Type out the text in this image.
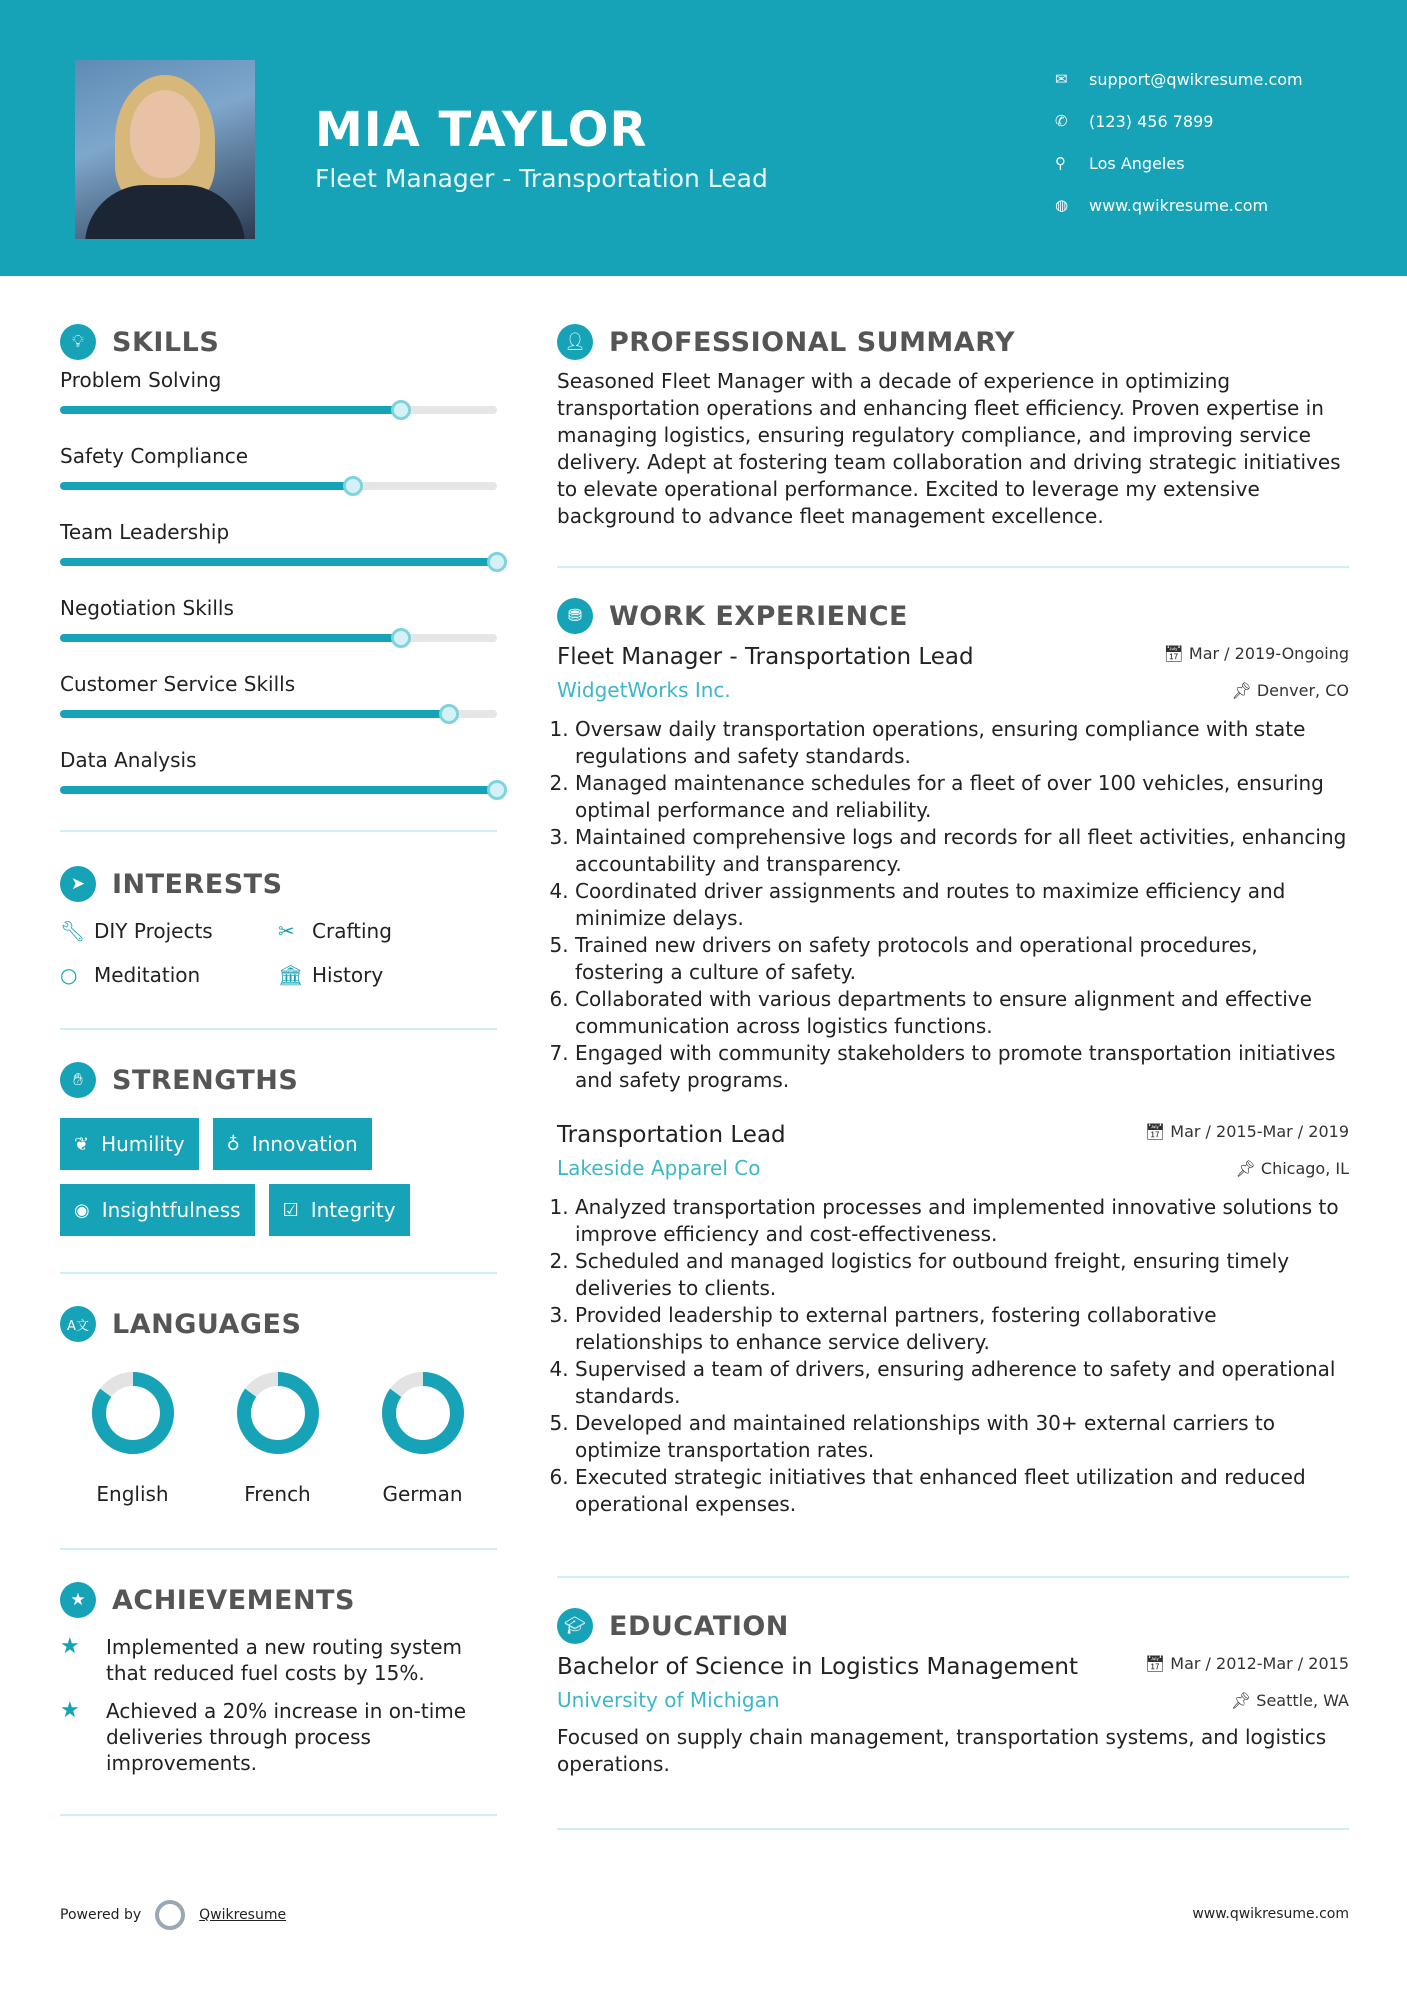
MIA TAYLOR
Fleet Manager - Transportation Lead
✉	support@qwikresume.com
✆	(123) 456 7899
⚲	Los Angeles
◍	www.qwikresume.com
💡︎	SKILLS
Problem Solving
Safety Compliance
Team Leadership
Negotiation Skills
Customer Service Skills
Data Analysis
➤ INTERESTS
🔧︎ DIY Projects	✂ Crafting
○ Meditation	🏛︎ History
✋︎	STRENGTHS
❦ Humility ♁ Innovation
◉ Insightfulness ☑ Integrity
A文 LANGUAGES
English	French	German
★ ACHIEVEMENTS
★	Implemented a new routing system that reduced fuel costs by 15%.
★	Achieved a 20% increase in on-time deliveries through process improvements.
👤︎ PROFESSIONAL SUMMARY
Seasoned Fleet Manager with a decade of experience in optimizing transportation operations and enhancing fleet efficiency. Proven expertise in managing logistics, ensuring regulatory compliance, and improving service delivery. Adept at fostering team collaboration and driving strategic initiatives to elevate operational performance. Excited to leverage my extensive background to advance fleet management excellence.
⛃ WORK EXPERIENCE
Fleet Manager - Transportation Lead	📅︎ Mar / 2019-Ongoing
WidgetWorks Inc.	📌︎ Denver, CO
1. Oversaw daily transportation operations, ensuring compliance with state regulations and safety standards.
2. Managed maintenance schedules for a fleet of over 100 vehicles, ensuring optimal performance and reliability.
3. Maintained comprehensive logs and records for all fleet activities, enhancing accountability and transparency.
4. Coordinated driver assignments and routes to maximize efficiency and minimize delays.
5. Trained new drivers on safety protocols and operational procedures, fostering a culture of safety.
6. Collaborated with various departments to ensure alignment and effective communication across logistics functions.
7. Engaged with community stakeholders to promote transportation initiatives and safety programs.
Transportation Lead	📅︎ Mar / 2015-Mar / 2019
Lakeside Apparel Co	📌︎ Chicago, IL
1. Analyzed transportation processes and implemented innovative solutions to improve efficiency and cost-effectiveness.
2. Scheduled and managed logistics for outbound freight, ensuring timely deliveries to clients.
3. Provided leadership to external partners, fostering collaborative relationships to enhance service delivery.
4. Supervised a team of drivers, ensuring adherence to safety and operational standards.
5. Developed and maintained relationships with 30+ external carriers to optimize transportation rates.
6. Executed strategic initiatives that enhanced fleet utilization and reduced operational expenses.
🎓︎ EDUCATION
Bachelor of Science in Logistics Management	📅︎ Mar / 2012-Mar / 2015
University of Michigan	📌︎ Seattle, WA
Focused on supply chain management, transportation systems, and logistics operations.
Powered by	Qwikresume	www.qwikresume.com
